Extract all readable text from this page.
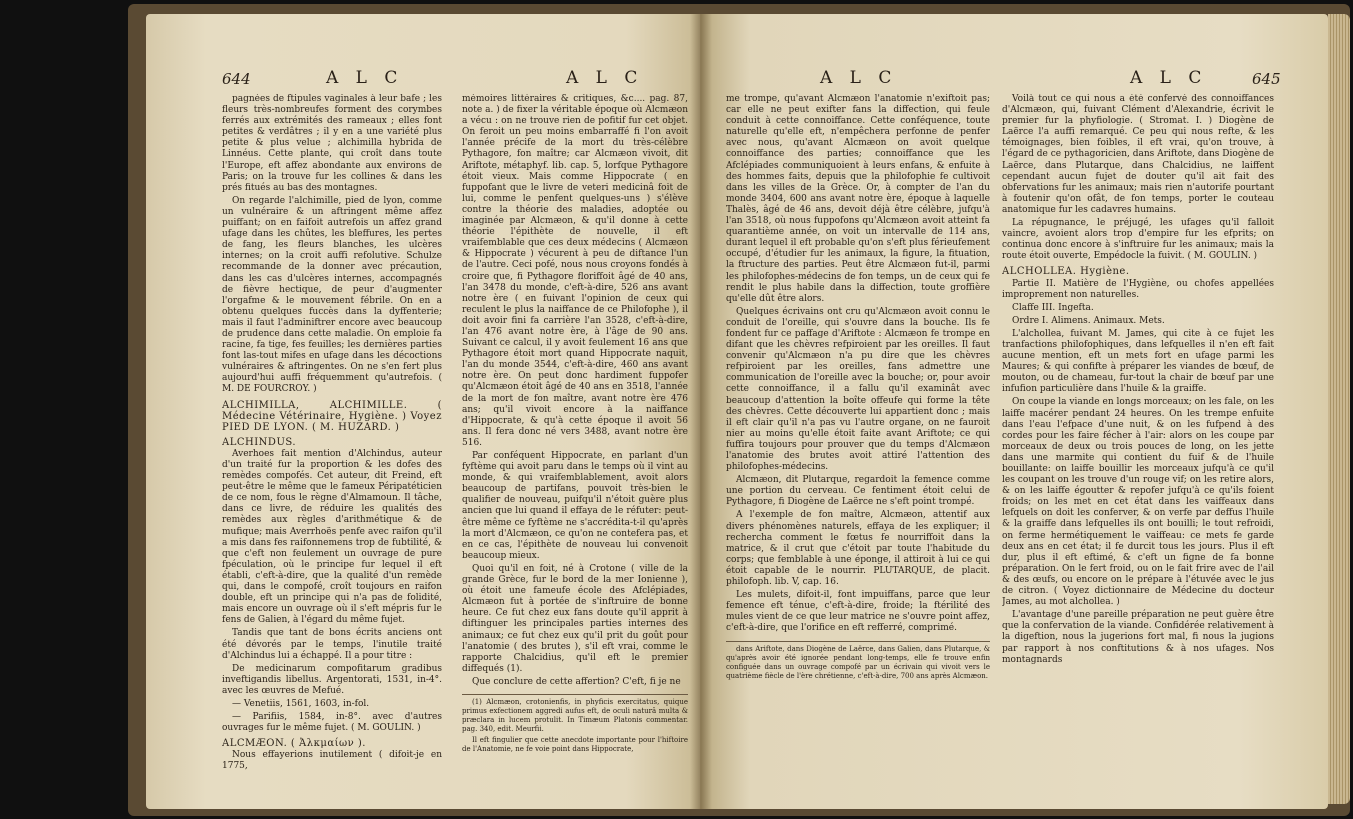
644	A L C	A L C

pagnées de ftipules vaginales à leur bafe ; les fleurs très-nombreufes forment des corymbes ferrés aux extrémités des rameaux ; elles font petites & verdâtres ; il y en a une variété plus petite & plus velue ; alchimilla hybrida de Linnéus. Cette plante, qui croît dans toute l'Europe, eft affez abondante aux environs de Paris; on la trouve fur les collines & dans les prés fitués au bas des montagnes.

On regarde l'alchimille, pied de lyon, comme un vulnéraire & un aftringent même affez puiffant; on en faifoit autrefois un affez grand ufage dans les chûtes, les bleffures, les pertes de fang, les fleurs blanches, les ulcères internes; on la croit auffi refolutive. Schulze recommande de la donner avec précaution, dans les cas d'ulcères internes, accompagnés de fièvre hectique, de peur d'augmenter l'orgafme & le mouvement fébrile. On en a obtenu quelques fuccès dans la dyffenterie; mais il faut l'adminiftrer encore avec beaucoup de prudence dans cette maladie. On emploie fa racine, fa tige, fes feuilles; les dernières parties font las-tout mifes en ufage dans les décoctions vulnéraires & aftringentes. On ne s'en fert plus aujourd'hui auffi fréquemment qu'autrefois. ( M. DE FOURCROY. )

ALCHIMILLA, ALCHIMILLE. ( Médecine Vétérinaire, Hygiène. ) Voyez PIED DE LYON. ( M. HUZARD. )
ALCHINDUS.

Averhoes fait mention d'Alchindus, auteur d'un traité fur la proportion & les dofes des remèdes compofés. Cet auteur, dit Freind, eft peut-être le même que le fameux Péripatéticien de ce nom, fous le règne d'Almamoun. Il tâche, dans ce livre, de réduire les qualités des remèdes aux règles d'arithmétique & de mufique; mais Averrhoës penfe avec raifon qu'il a mis dans fes raifonnemens trop de fubtilité, & que c'eft non feulement un ouvrage de pure fpéculation, où le principe fur lequel il eft établi, c'eft-à-dire, que la qualité d'un remède qui, dans le compofé, croît toujours en raifon double, eft un principe qui n'a pas de folidité, mais encore un ouvrage où il s'eft mépris fur le fens de Galien, à l'égard du même fujet.

Tandis que tant de bons écrits anciens ont été dévorés par le temps, l'inutile traité d'Alchindus lui a échappé. Il a pour titre :

De medicinarum compofitarum gradibus inveftigandis libellus. Argentorati, 1531, in-4°. avec les œuvres de Mefué.

— Venetiis, 1561, 1603, in-fol.

— Parifiis, 1584, in-8°. avec d'autres ouvrages fur le même fujet. ( M. GOULIN. )

ALCMÆON. ( Ἀλκμαίων ).

Nous effayerions inutilement ( difoit-je en 1775,

mémoires littéraires & critiques, &c.... pag. 87, note a. ) de fixer la véritable époque où Alcmæon a vécu : on ne trouve rien de pofitif fur cet objet. On feroit un peu moins embarraffé fi l'on avoit l'année précife de la mort du très-célèbre Pythagore, fon maître; car Alcmæon vivoit, dit Ariftote, métaphyf. lib. cap. 5, lorfque Pythagore étoit vieux. Mais comme Hippocrate ( en fuppofant que le livre de veteri medicinâ foit de lui, comme le penfent quelques-uns ) s'élève contre la théorie des maladies, adoptée ou imaginée par Alcmæon, & qu'il donne à cette théorie l'épithète de nouvelle, il eft vraifemblable que ces deux médecins ( Alcmæon & Hippocrate ) vécurent à peu de diftance l'un de l'autre. Ceci pofé, nous nous croyons fondés à croire que, fi Pythagore floriffoit âgé de 40 ans, l'an 3478 du monde, c'eft-à-dire, 526 ans avant notre ère ( en fuivant l'opinion de ceux qui reculent le plus la naiffance de ce Philofophe ), il doit avoir fini fa carrière l'an 3528, c'eft-à-dire, l'an 476 avant notre ère, à l'âge de 90 ans. Suivant ce calcul, il y avoit feulement 16 ans que Pythagore étoit mort quand Hippocrate naquit, l'an du monde 3544, c'eft-à-dire, 460 ans avant notre ère. On peut donc hardiment fuppofer qu'Alcmæon étoit âgé de 40 ans en 3518, l'année de la mort de fon maître, avant notre ère 476 ans; qu'il vivoit encore à la naiffance d'Hippocrate, & qu'à cette époque il avoit 56 ans. Il fera donc né vers 3488, avant notre ère 516.

Par conféquent Hippocrate, en parlant d'un fyftème qui avoit paru dans le temps où il vint au monde, & qui vraifemblablement, avoit alors beaucoup de partifans, pouvoit très-bien le qualifier de nouveau, puifqu'il n'étoit guère plus ancien que lui quand il effaya de le réfuter: peut-être même ce fyftème ne s'accrédita-t-il qu'après la mort d'Alcmæon, ce qu'on ne contefera pas, et en ce cas, l'épithète de nouveau lui convenoit beaucoup mieux.

Quoi qu'il en foit, né à Crotone ( ville de la grande Grèce, fur le bord de la mer Ionienne ), où étoit une fameufe école des Afclépiades, Alcmæon fut à portée de s'inftruire de bonne heure. Ce fut chez eux fans doute qu'il apprit à diftinguer les principales parties internes des animaux; ce fut chez eux qu'il prit du goût pour l'anatomie ( des brutes ), s'il eft vrai, comme le rapporte Chalcidius, qu'il eft le premier diffequés (1).

Que conclure de cette affertion? C'eft, fi je ne

(1) Alcmæon, crotonienfis, in phyficis exercitatus, quique primus exfectionem aggredi aufus eft, de oculi naturâ multa & præclara in lucem protulit. In Timæum Platonis commentar. pag. 340, edit. Meurfii.

Il eft fingulier que cette anecdote importante pour l'hiftoire de l'Anatomie, ne fe voie point dans Hippocrate,

A L C	A L C	645

me trompe, qu'avant Alcmæon l'anatomie n'exiftoit pas; car elle ne peut exifter fans la diffection, qui feule conduit à cette connoiffance. Cette conféquence, toute naturelle qu'elle eft, n'empêchera perfonne de penfer avec nous, qu'avant Alcmæon on avoit quelque connoiffance des parties; connoiffance que les Afclépiades communiquoient à leurs enfans, & enfuite à des hommes faits, depuis que la philofophie fe cultivoit dans les villes de la Grèce. Or, à compter de l'an du monde 3404, 600 ans avant notre ère, époque à laquelle Thalès, âgé de 46 ans, devoit déjà être célèbre, jufqu'à l'an 3518, où nous fuppofons qu'Alcmæon avoit atteint fa quarantième année, on voit un intervalle de 114 ans, durant lequel il eft probable qu'on s'eft plus férieufement occupé, d'étudier fur les animaux, la figure, la fituation, la ftructure des parties. Peut être Alcmæon fut-il, parmi les philofophes-médecins de fon temps, un de ceux qui fe rendit le plus habile dans la diffection, toute groffière qu'elle dût être alors.

Quelques écrivains ont cru qu'Alcmæon avoit connu le conduit de l'oreille, qui s'ouvre dans la bouche. Ils fe fondent fur ce paffage d'Ariftote : Alcmæon fe trompe en difant que les chèvres refpiroient par les oreilles. Il faut convenir qu'Alcmæon n'a pu dire que les chèvres refpiroient par les oreilles, fans admettre une communication de l'oreille avec la bouche; or, pour avoir cette connoiffance, il a fallu qu'il examinât avec beaucoup d'attention la boîte offeufe qui forme la tête des chèvres. Cette découverte lui appartient donc ; mais il eft clair qu'il n'a pas vu l'autre organe, on ne fauroit nier au moins qu'elle étoit faite avant Ariftote; ce qui fuffira toujours pour prouver que du temps d'Alcmæon l'anatomie des brutes avoit attiré l'attention des philofophes-médecins.

Alcmæon, dit Plutarque, regardoit la femence comme une portion du cerveau. Ce fentiment étoit celui de Pythagore, fi Diogène de Laërce ne s'eft point trompé.

A l'exemple de fon maître, Alcmæon, attentif aux divers phénomènes naturels, effaya de les expliquer; il rechercha comment le fœtus fe nourriffoit dans la matrice, & il crut que c'étoit par toute l'habitude du corps; que femblable à une éponge, il attiroit à lui ce qui étoit capable de le nourrir. PLUTARQUE, de placit. philofoph. lib. V, cap. 16.

Les mulets, difoit-il, font impuiffans, parce que leur femence eft ténue, c'eft-à-dire, froide; la ftérilité des mules vient de ce que leur matrice ne s'ouvre point affez, c'eft-à-dire, que l'orifice en eft refferré, comprimé.

dans Ariftote, dans Diogène de Laërce, dans Galien, dans Plutarque, & qu'après avoir été ignorée pendant long-temps, elle fe trouve enfin configuée dans un ouvrage compofé par un écrivain qui vivoit vers le quatrième fiècle de l'ère chrétienne, c'eft-à-dire, 700 ans après Alcmæon.

Voilà tout ce qui nous a été confervé des connoiffances d'Alcmæon, qui, fuivant Clément d'Alexandrie, écrivit le premier fur la phyfiologie. ( Stromat. I. ) Diogène de Laërce l'a auffi remarqué. Ce peu qui nous refte, & les témoignages, bien foibles, il eft vrai, qu'on trouve, à l'égard de ce pythagoricien, dans Ariftote, dans Diogène de Laërce, dans Plutarque, dans Chalcidius, ne laiffent cependant aucun fujet de douter qu'il ait fait des obfervations fur les animaux; mais rien n'autorife pourtant à foutenir qu'on ofât, de fon temps, porter le couteau anatomique fur les cadavres humains.

La répugnance, le préjugé, les ufages qu'il falloit vaincre, avoient alors trop d'empire fur les efprits; on continua donc encore à s'inftruire fur les animaux; mais la route étoit ouverte, Empédocle la fuivit. ( M. GOULIN. )

ALCHOLLEA. Hygiène.

Partie II. Matière de l'Hygiène, ou chofes appellées improprement non naturelles.

Claffe III. Ingefta.

Ordre I. Alimens. Animaux. Mets.

L'alchollea, fuivant M. James, qui cite à ce fujet les tranfactions philofophiques, dans lefquelles il n'en eft fait aucune mention, eft un mets fort en ufage parmi les Maures; & qui confifte à préparer les viandes de bœuf, de mouton, ou de chameau, fur-tout la chair de bœuf par une infufion particulière dans l'huile & la graiffe.

On coupe la viande en longs morceaux; on les fale, on les laiffe macérer pendant 24 heures. On les trempe enfuite dans l'eau l'efpace d'une nuit, & on les fufpend à des cordes pour les faire fécher à l'air: alors on les coupe par morceaux de deux ou trois pouces de long, on les jette dans une marmite qui contient du fuif & de l'huile bouillante: on laiffe bouillir les morceaux jufqu'à ce qu'il les coupant on les trouve d'un rouge vif; on les retire alors, & on les laiffe égoutter & repofer jufqu'à ce qu'ils foient froids; on les met en cet état dans les vaiffeaux dans lefquels on doit les conferver, & on verfe par deffus l'huile & la graiffe dans lefquelles ils ont bouilli; le tout refroidi, on ferme hermétiquement le vaiffeau: ce mets fe garde deux ans en cet état; il fe durcit tous les jours. Plus il eft dur, plus il eft eftimé, & c'eft un figne de fa bonne préparation. On le fert froid, ou on le fait frire avec de l'ail & des œufs, ou encore on le prépare à l'étuvée avec le jus de citron. ( Voyez dictionnaire de Médecine du docteur James, au mot alchollea. )

L'avantage d'une pareille préparation ne peut guère être que la confervation de la viande. Confidérée relativement à la digeftion, nous la jugerions fort mal, fi nous la jugions par rapport à nos conftitutions & à nos ufages. Nos montagnards
